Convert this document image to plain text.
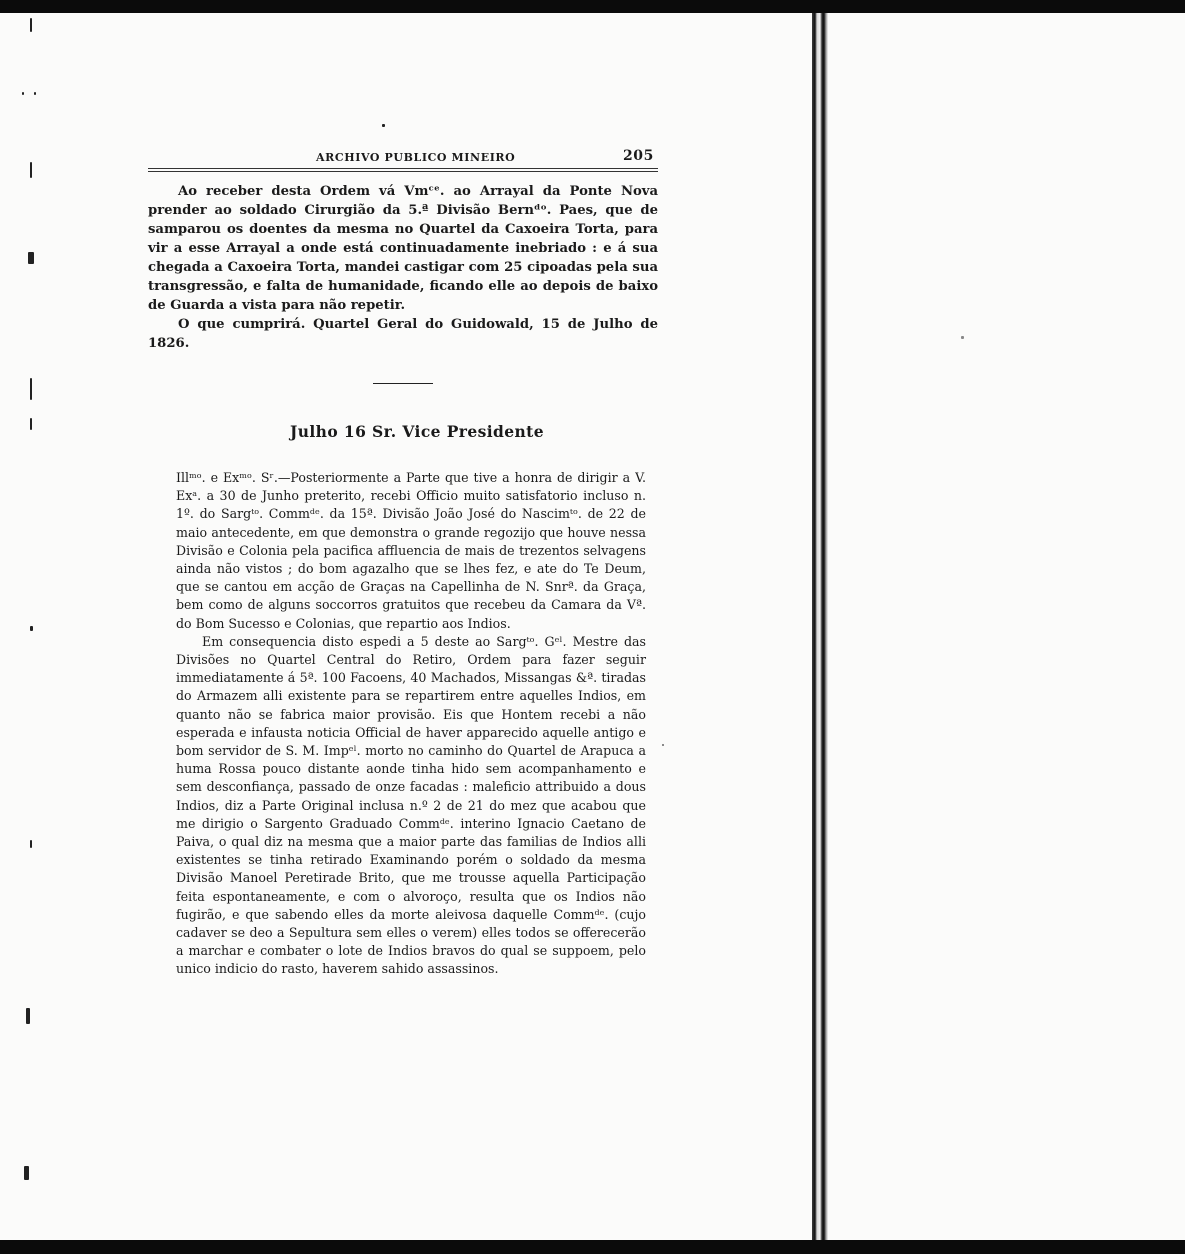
ARCHIVO PUBLICO MINEIRO	205

Ao receber desta Ordem vá Vmᶜᵉ. ao Arrayal da Ponte Nova prender ao soldado Cirurgião da 5.ª Divisão Bernᵈᵒ. Paes, que de samparou os doentes da mesma no Quartel da Caxoeira Torta, para vir a esse Arrayal a onde está continuadamente inebriado : e á sua chegada a Caxoeira Torta, mandei castigar com 25 cipoadas pela sua transgressão, e falta de humanidade, ficando elle ao depois de baixo de Guarda a vista para não repetir.

O que cumprirá. Quartel Geral do Guidowald, 15 de Julho de 1826.

Julho 16 Sr. Vice Presidente

Illᵐᵒ. e Exᵐᵒ. Sʳ.—Posteriormente a Parte que tive a honra de dirigir a V. Exᵃ. a 30 de Junho preterito, recebi Officio muito satisfatorio incluso n. 1º. do Sargᵗᵒ. Commᵈᵉ. da 15ª. Divisão João José do Nascimᵗᵒ. de 22 de maio antecedente, em que demonstra o grande regozijo que houve nessa Divisão e Colonia pela pacifica affluencia de mais de trezentos selvagens ainda não vistos ; do bom agazalho que se lhes fez, e ate do Te Deum, que se cantou em acção de Graças na Capellinha de N. Snrª. da Graça, bem como de alguns soccorros gratuitos que recebeu da Camara da Vª. do Bom Sucesso e Colonias, que repartio aos Indios.

Em consequencia disto espedi a 5 deste ao Sargᵗᵒ. Gᵉˡ. Mestre das Divisões no Quartel Central do Retiro, Ordem para fazer seguir immediatamente á 5ª. 100 Facoens, 40 Machados, Missangas &ª. tiradas do Armazem alli existente para se repartirem entre aquelles Indios, em quanto não se fabrica maior provisão. Eis que Hontem recebi a não esperada e infausta noticia Official de haver apparecido aquelle antigo e bom servidor de S. M. Impᵉˡ. morto no caminho do Quartel de Arapuca a huma Rossa pouco distante aonde tinha hido sem acompanhamento e sem desconfiança, passado de onze facadas : maleficio attribuido a dous Indios, diz a Parte Original inclusa n.º 2 de 21 do mez que acabou que me dirigio o Sargento Graduado Commᵈᵉ. interino Ignacio Caetano de Paiva, o qual diz na mesma que a maior parte das familias de Indios alli existentes se tinha retirado Examinando porém o soldado da mesma Divisão Manoel Peretirade Brito, que me trousse aquella Participação feita espontaneamente, e com o alvoroço, resulta que os Indios não fugirão, e que sabendo elles da morte aleivosa daquelle Commᵈᵉ. (cujo cadaver se deo a Sepultura sem elles o verem) elles todos se offerecerão a marchar e combater o lote de Indios bravos do qual se suppoem, pelo unico indicio do rasto, haverem sahido assassinos.
